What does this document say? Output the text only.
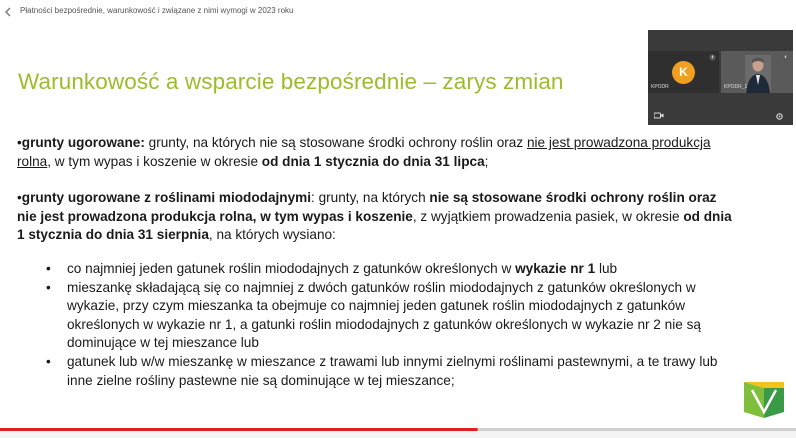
Płatności bezpośrednie, warunkowość i związane z nimi wymogi w 2023 roku
Warunkowość a wsparcie bezpośrednie – zarys zmian
•grunty ugorowane: grunty, na których nie są stosowane środki ochrony roślin oraz nie jest prowadzona produkcja rolna, w tym wypas i koszenie w okresie od dnia 1 stycznia do dnia 31 lipca;
•grunty ugorowane z roślinami miododajnymi: grunty, na których nie są stosowane środki ochrony roślin oraz nie jest prowadzona produkcja rolna, w tym wypas i koszenie, z wyjątkiem prowadzenia pasiek, w okresie od dnia 1 stycznia do dnia 31 sierpnia, na których wysiano:
• co najmniej jeden gatunek roślin miododajnych z gatunków określonych w wykazie nr 1 lub
• mieszankę składającą się co najmniej z dwóch gatunków roślin miododajnych z gatunków określonych w wykazie, przy czym mieszanka ta obejmuje co najmniej jeden gatunek roślin miododajnych z gatunków określonych w wykazie nr 1, a gatunki roślin miododajnych z gatunków określonych w wykazie nr 2 nie są dominujące w tej mieszance lub
• gatunek lub w/w mieszankę w mieszance z trawami lub innymi zielnymi roślinami pastewnymi, a te trawy lub inne zielne rośliny pastewne nie są dominujące w tej mieszance;
K
KPODR	KPODR_1
